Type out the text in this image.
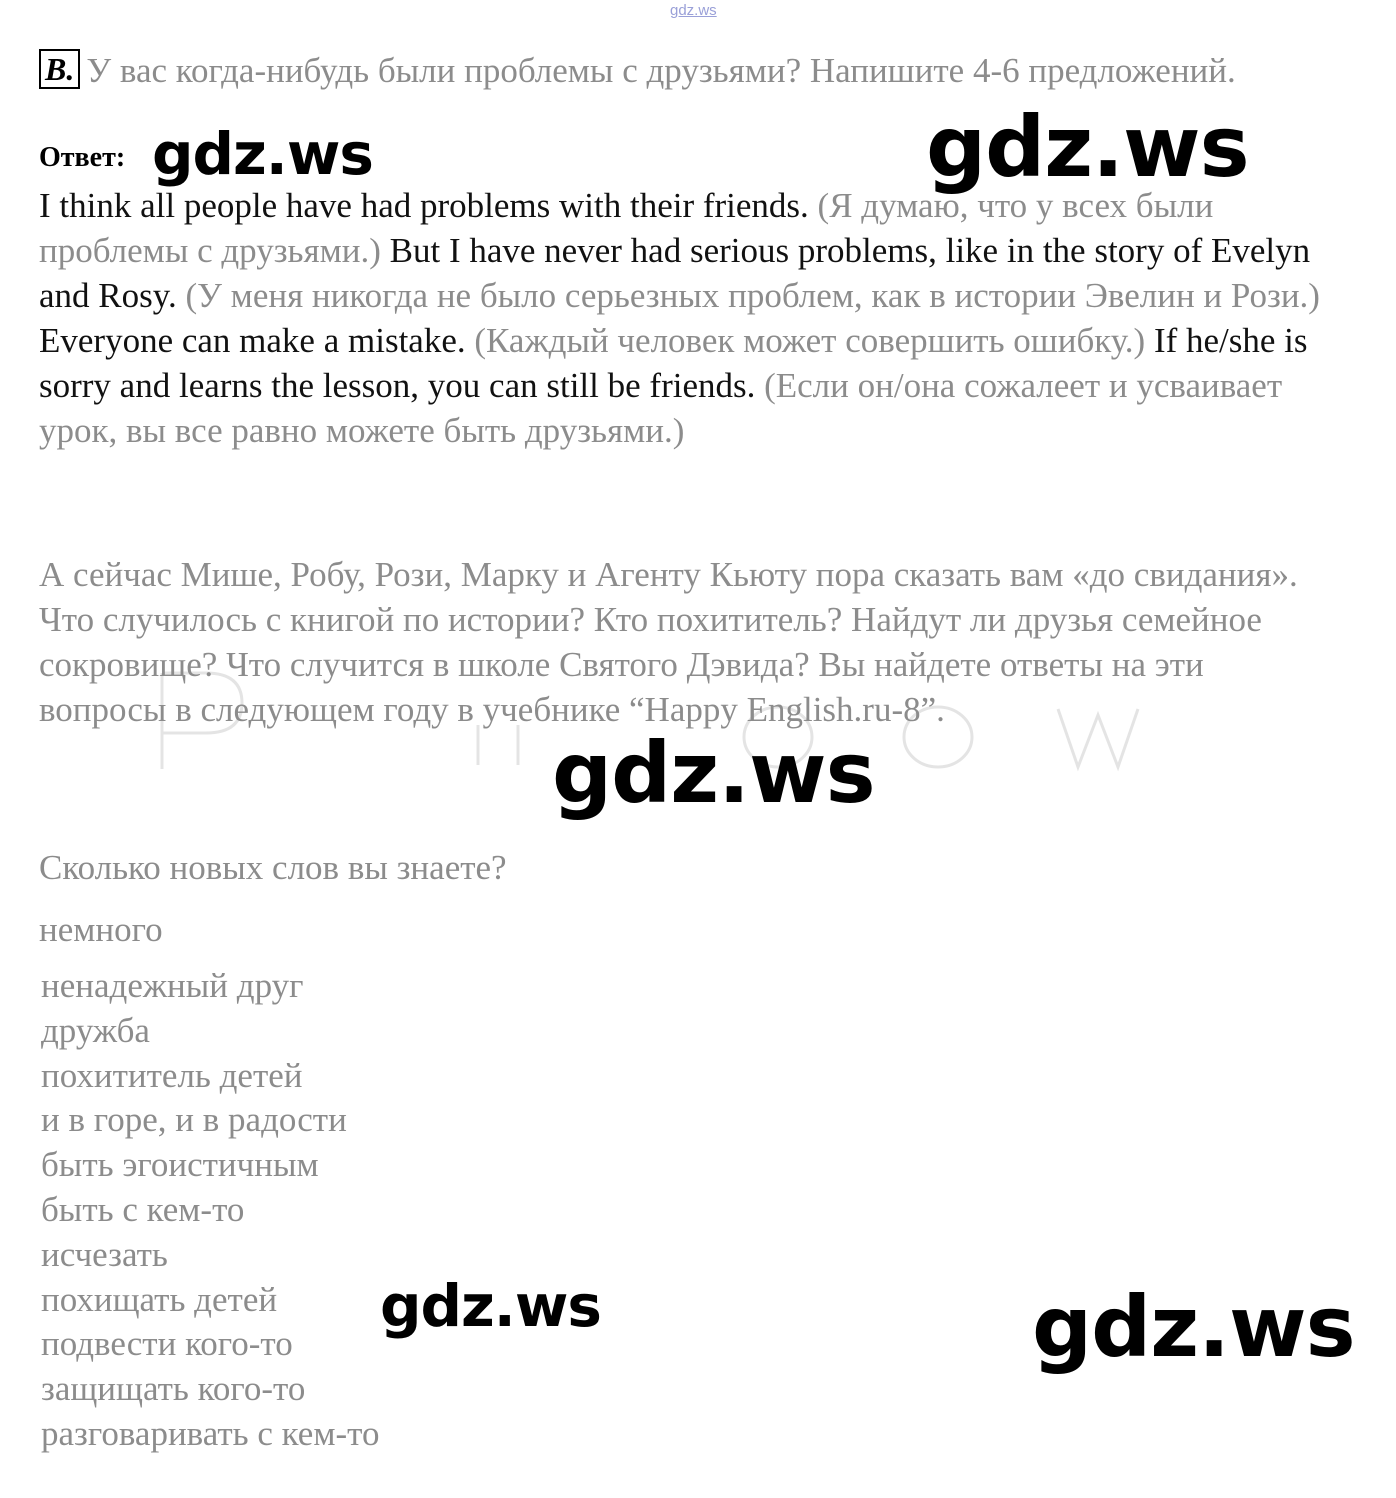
gdz.ws
B. У вас когда-нибудь были проблемы с друзьями? Напишите 4-6 предложений.
Ответ:
I think all people have had problems with their friends. (Я думаю, что у всех были проблемы с друзьями.) But I have never had serious problems, like in the story of Evelyn and Rosy. (У меня никогда не было серьезных проблем, как в истории Эвелин и Рози.) Everyone can make a mistake. (Каждый человек может совершить ошибку.) If he/she is sorry and learns the lesson, you can still be friends. (Если он/она сожалеет и усваивает урок, вы все равно можете быть друзьями.)
А сейчас Мише, Робу, Рози, Марку и Агенту Кьюту пора сказать вам «до свидания». Что случилось с книгой по истории? Кто похититель? Найдут ли друзья семейное сокровище? Что случится в школе Святого Дэвида? Вы найдете ответы на эти вопросы в следующем году в учебнике “Happy English.ru-8”.
Сколько новых слов вы знаете?
немного
ненадежный друг
дружба
похититель детей
и в горе, и в радости
быть эгоистичным
быть с кем-то
исчезать
похищать детей
подвести кого-то
защищать кого-то
разговаривать с кем-то
gdz.ws	gdz.ws
gdz.ws
gdz.ws	gdz.ws
